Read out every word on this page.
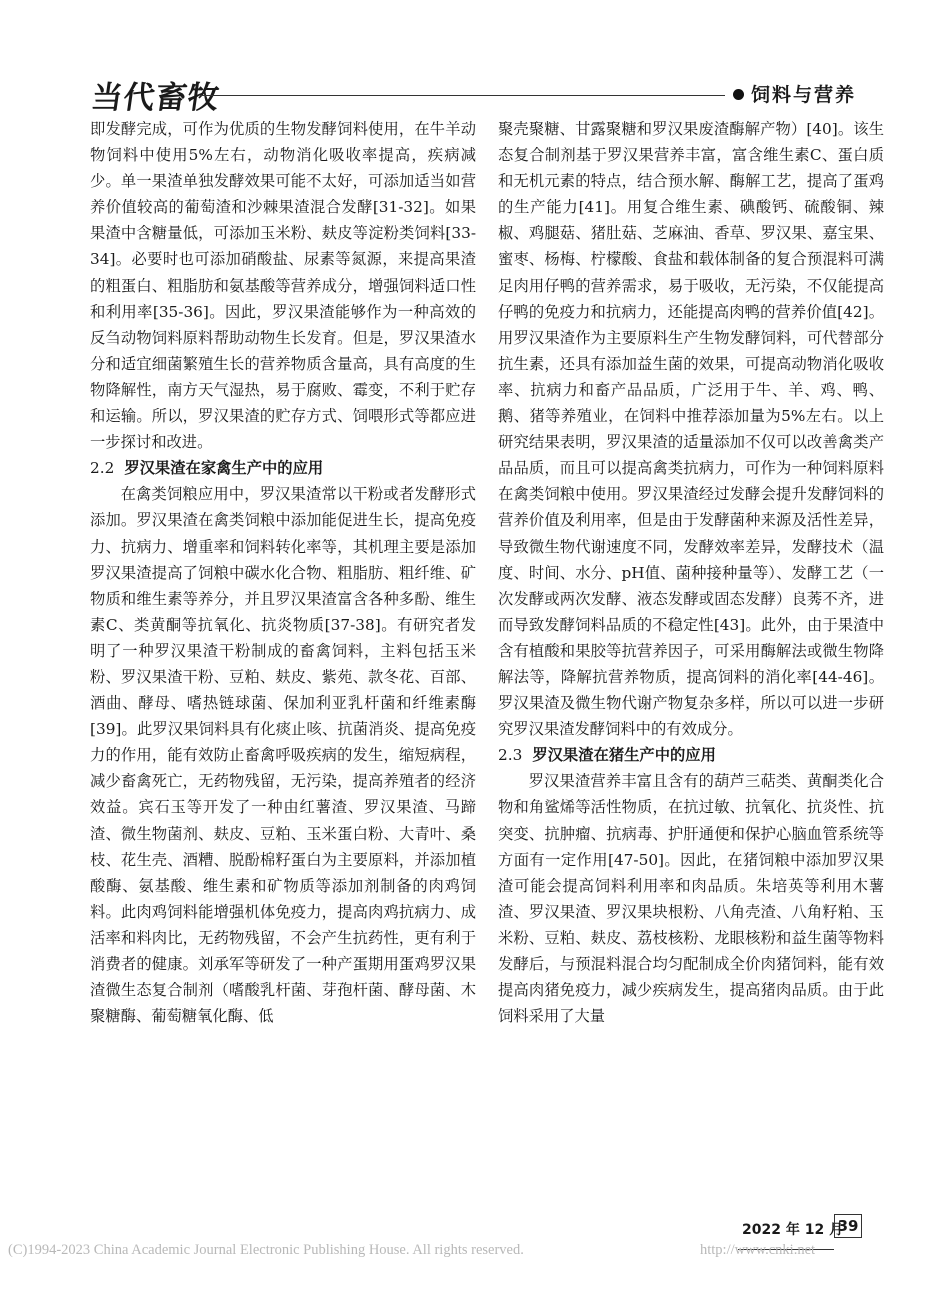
当代畜牧	饲料与营养

即发酵完成，可作为优质的生物发酵饲料使用，在牛羊动物饲料中使用5%左右，动物消化吸收率提高，疾病减少。单一果渣单独发酵效果可能不太好，可添加适当如营养价值较高的葡萄渣和沙棘果渣混合发酵[31-32]。如果果渣中含糖量低，可添加玉米粉、麸皮等淀粉类饲料[33-34]。必要时也可添加硝酸盐、尿素等氮源，来提高果渣的粗蛋白、粗脂肪和氨基酸等营养成分，增强饲料适口性和利用率[35-36]。因此，罗汉果渣能够作为一种高效的反刍动物饲料原料帮助动物生长发育。但是，罗汉果渣水分和适宜细菌繁殖生长的营养物质含量高，具有高度的生物降解性，南方天气湿热，易于腐败、霉变，不利于贮存和运输。所以，罗汉果渣的贮存方式、饲喂形式等都应进一步探讨和改进。

2.2 罗汉果渣在家禽生产中的应用

在禽类饲粮应用中，罗汉果渣常以干粉或者发酵形式添加。罗汉果渣在禽类饲粮中添加能促进生长，提高免疫力、抗病力、增重率和饲料转化率等，其机理主要是添加罗汉果渣提高了饲粮中碳水化合物、粗脂肪、粗纤维、矿物质和维生素等养分，并且罗汉果渣富含各种多酚、维生素C、类黄酮等抗氧化、抗炎物质[37-38]。有研究者发明了一种罗汉果渣干粉制成的畜禽饲料，主料包括玉米粉、罗汉果渣干粉、豆粕、麸皮、紫苑、款冬花、百部、酒曲、酵母、嗜热链球菌、保加利亚乳杆菌和纤维素酶[39]。此罗汉果饲料具有化痰止咳、抗菌消炎、提高免疫力的作用，能有效防止畜禽呼吸疾病的发生，缩短病程，减少畜禽死亡，无药物残留，无污染，提高养殖者的经济效益。宾石玉等开发了一种由红薯渣、罗汉果渣、马蹄渣、微生物菌剂、麸皮、豆粕、玉米蛋白粉、大青叶、桑枝、花生壳、酒糟、脱酚棉籽蛋白为主要原料，并添加植酸酶、氨基酸、维生素和矿物质等添加剂制备的肉鸡饲料。此肉鸡饲料能增强机体免疫力，提高肉鸡抗病力、成活率和料肉比，无药物残留，不会产生抗药性，更有利于消费者的健康。刘承军等研发了一种产蛋期用蛋鸡罗汉果渣微生态复合制剂（嗜酸乳杆菌、芽孢杆菌、酵母菌、木聚糖酶、葡萄糖氧化酶、低

聚壳聚糖、甘露聚糖和罗汉果废渣酶解产物）[40]。该生态复合制剂基于罗汉果营养丰富，富含维生素C、蛋白质和无机元素的特点，结合预水解、酶解工艺，提高了蛋鸡的生产能力[41]。用复合维生素、碘酸钙、硫酸铜、辣椒、鸡腿菇、猪肚菇、芝麻油、香草、罗汉果、嘉宝果、蜜枣、杨梅、柠檬酸、食盐和载体制备的复合预混料可满足肉用仔鸭的营养需求，易于吸收，无污染，不仅能提高仔鸭的免疫力和抗病力，还能提高肉鸭的营养价值[42]。用罗汉果渣作为主要原料生产生物发酵饲料，可代替部分抗生素，还具有添加益生菌的效果，可提高动物消化吸收率、抗病力和畜产品品质，广泛用于牛、羊、鸡、鸭、鹅、猪等养殖业，在饲料中推荐添加量为5%左右。以上研究结果表明，罗汉果渣的适量添加不仅可以改善禽类产品品质，而且可以提高禽类抗病力，可作为一种饲料原料在禽类饲粮中使用。罗汉果渣经过发酵会提升发酵饲料的营养价值及利用率，但是由于发酵菌种来源及活性差异，导致微生物代谢速度不同，发酵效率差异，发酵技术（温度、时间、水分、pH值、菌种接种量等）、发酵工艺（一次发酵或两次发酵、液态发酵或固态发酵）良莠不齐，进而导致发酵饲料品质的不稳定性[43]。此外，由于果渣中含有植酸和果胶等抗营养因子，可采用酶解法或微生物降解法等，降解抗营养物质，提高饲料的消化率[44-46]。罗汉果渣及微生物代谢产物复杂多样，所以可以进一步研究罗汉果渣发酵饲料中的有效成分。

2.3 罗汉果渣在猪生产中的应用

罗汉果渣营养丰富且含有的葫芦三萜类、黄酮类化合物和角鲨烯等活性物质，在抗过敏、抗氧化、抗炎性、抗突变、抗肿瘤、抗病毒、护肝通便和保护心脑血管系统等方面有一定作用[47-50]。因此，在猪饲粮中添加罗汉果渣可能会提高饲料利用率和肉品质。朱培英等利用木薯渣、罗汉果渣、罗汉果块根粉、八角壳渣、八角籽粕、玉米粉、豆粕、麸皮、荔枝核粉、龙眼核粉和益生菌等物料发酵后，与预混料混合均匀配制成全价肉猪饲料，能有效提高肉猪免疫力，减少疾病发生，提高猪肉品质。由于此饲料采用了大量

2022 年 12 月
39
(C)1994-2023 China Academic Journal Electronic Publishing House. All rights reserved.	http://www.cnki.net
